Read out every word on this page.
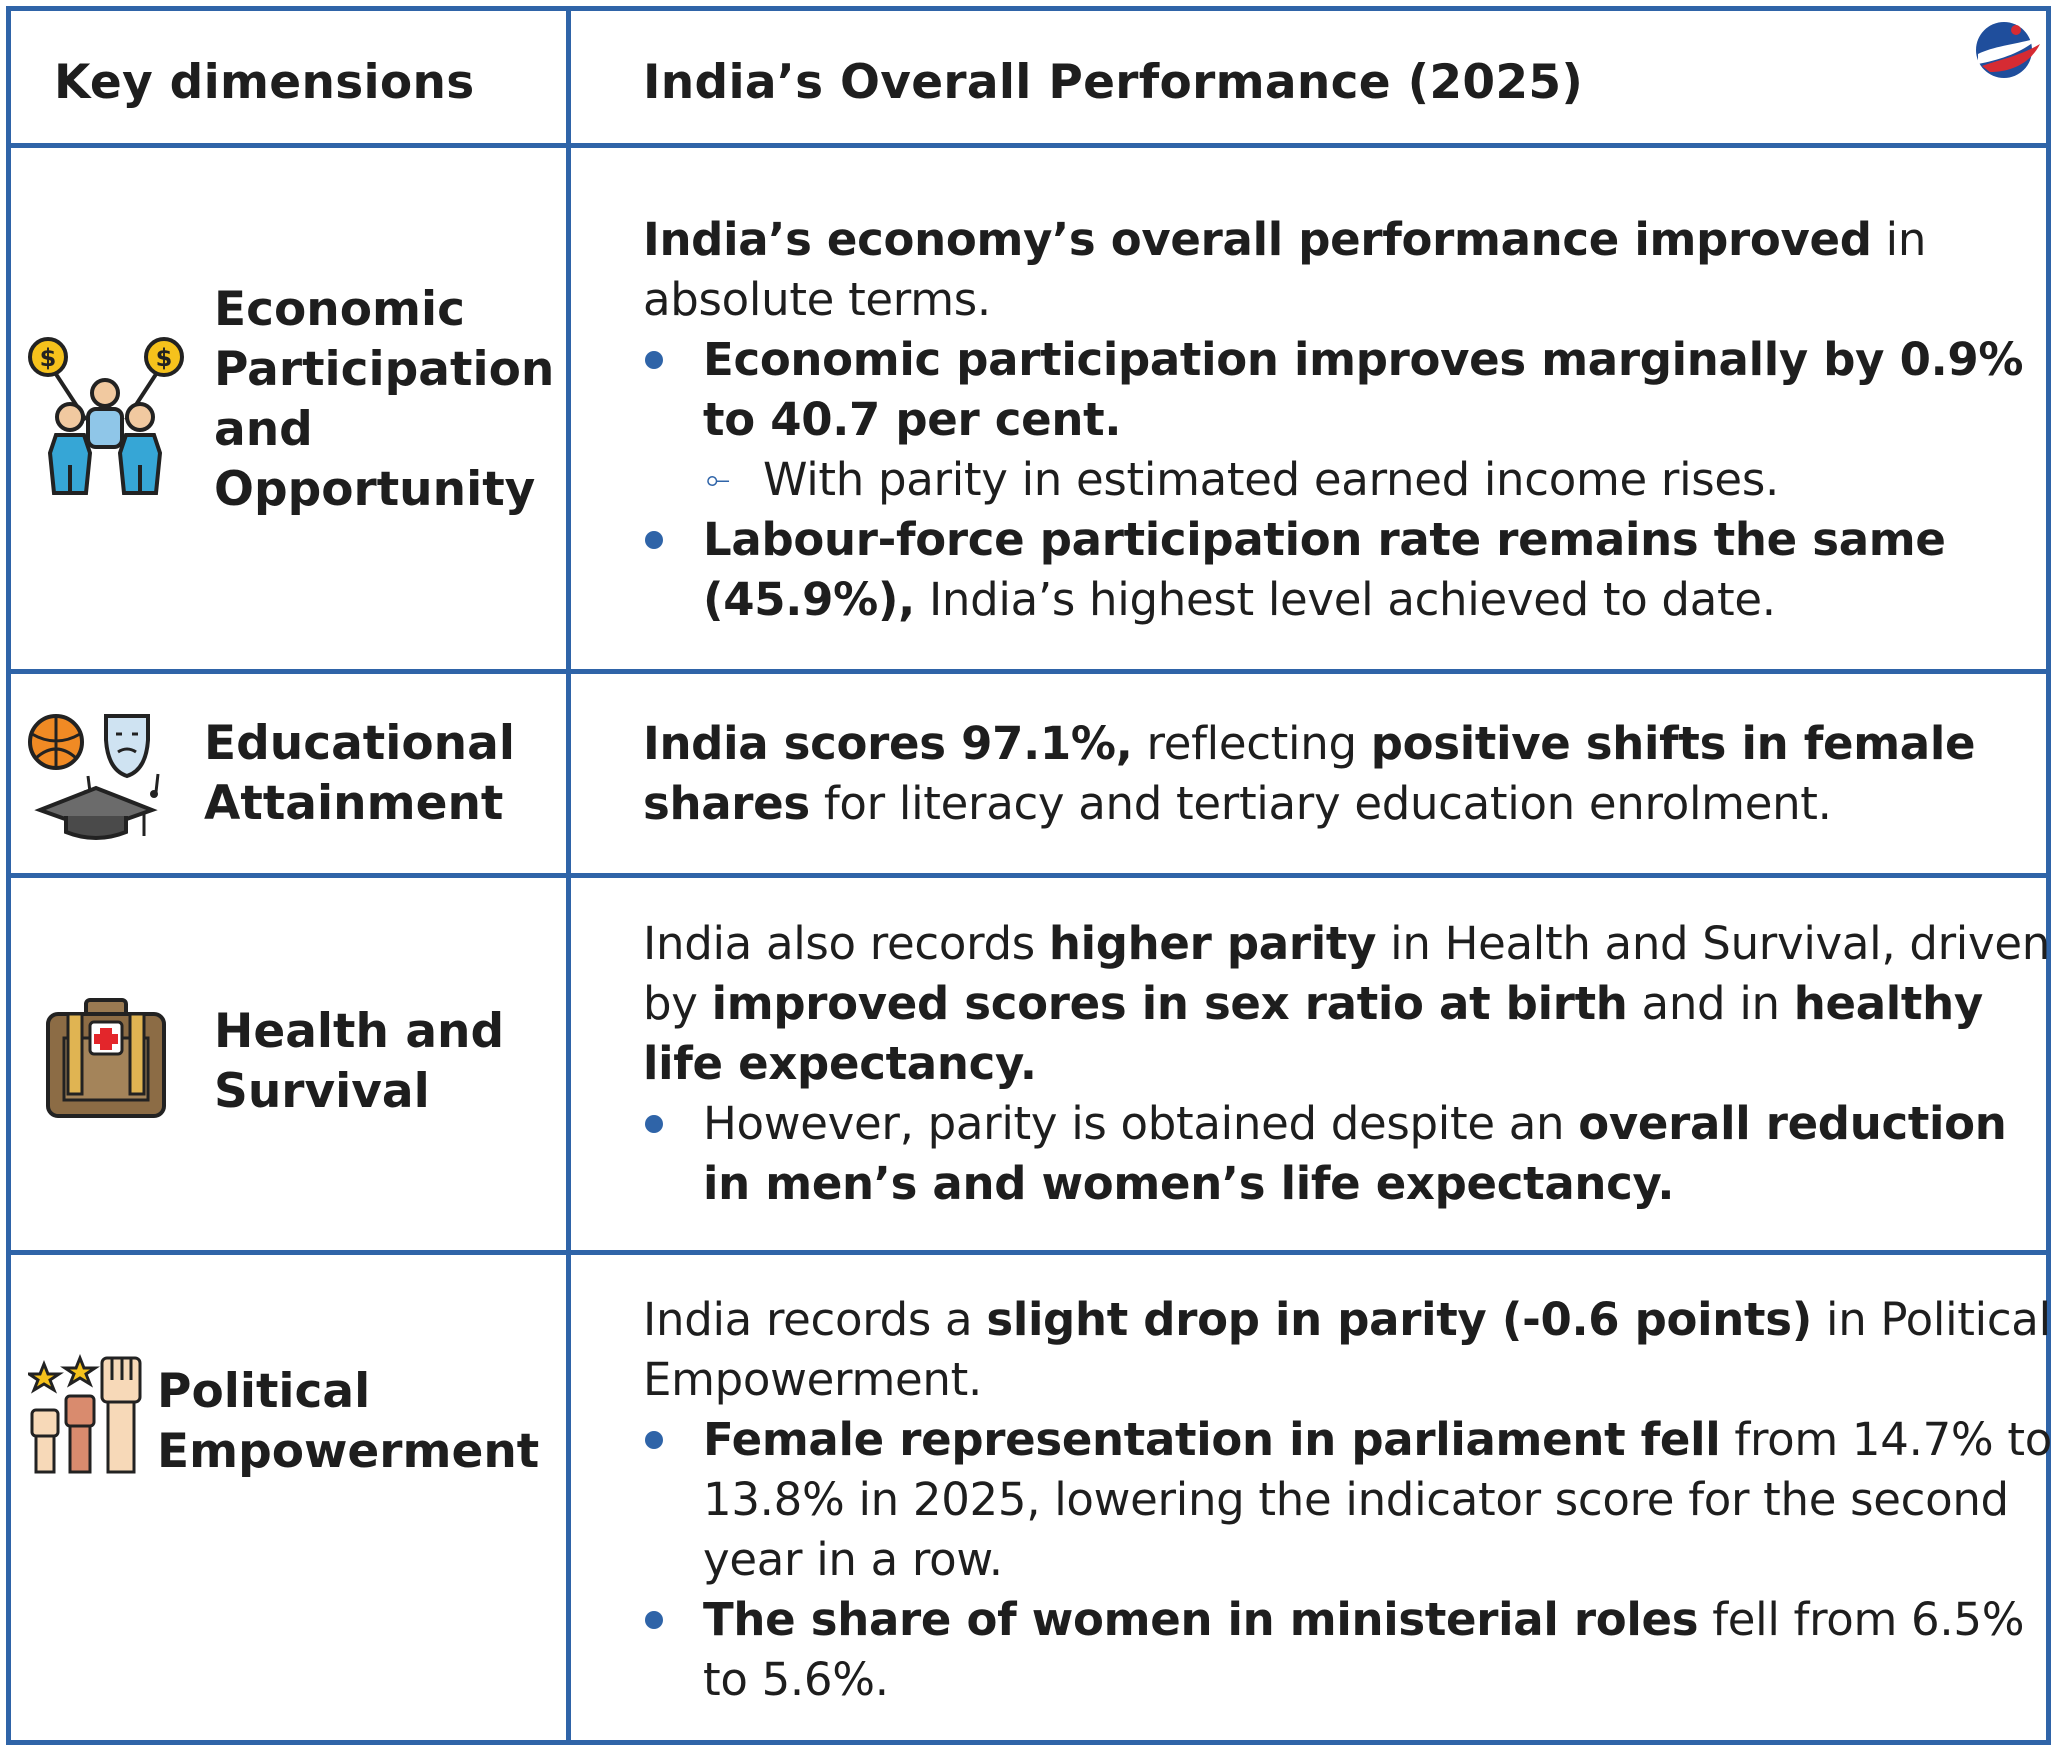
Key dimensions	India’s Overall Performance (2025)
$	$
Economic
Participation
and
Opportunity

India’s economy’s overall performance improved in absolute terms.

Economic participation improves marginally by 0.9% to 40.7 per cent.

⟜ With parity in estimated earned income rises.

Labour-force participation rate remains the same (45.9%), India’s highest level achieved to date.

Educational
Attainment

India scores 97.1%, reflecting positive shifts in female shares for literacy and tertiary education enrolment.

Health and
Survival

India also records higher parity in Health and Survival, driven by improved scores in sex ratio at birth and in healthy life expectancy.

However, parity is obtained despite an overall reduction in men’s and women’s life expectancy.

Political
Empowerment

India records a slight drop in parity (-0.6 points) in Political Empowerment.

Female representation in parliament fell from 14.7% to 13.8% in 2025, lowering the indicator score for the second year in a row.

The share of women in ministerial roles fell from 6.5% to 5.6%.
